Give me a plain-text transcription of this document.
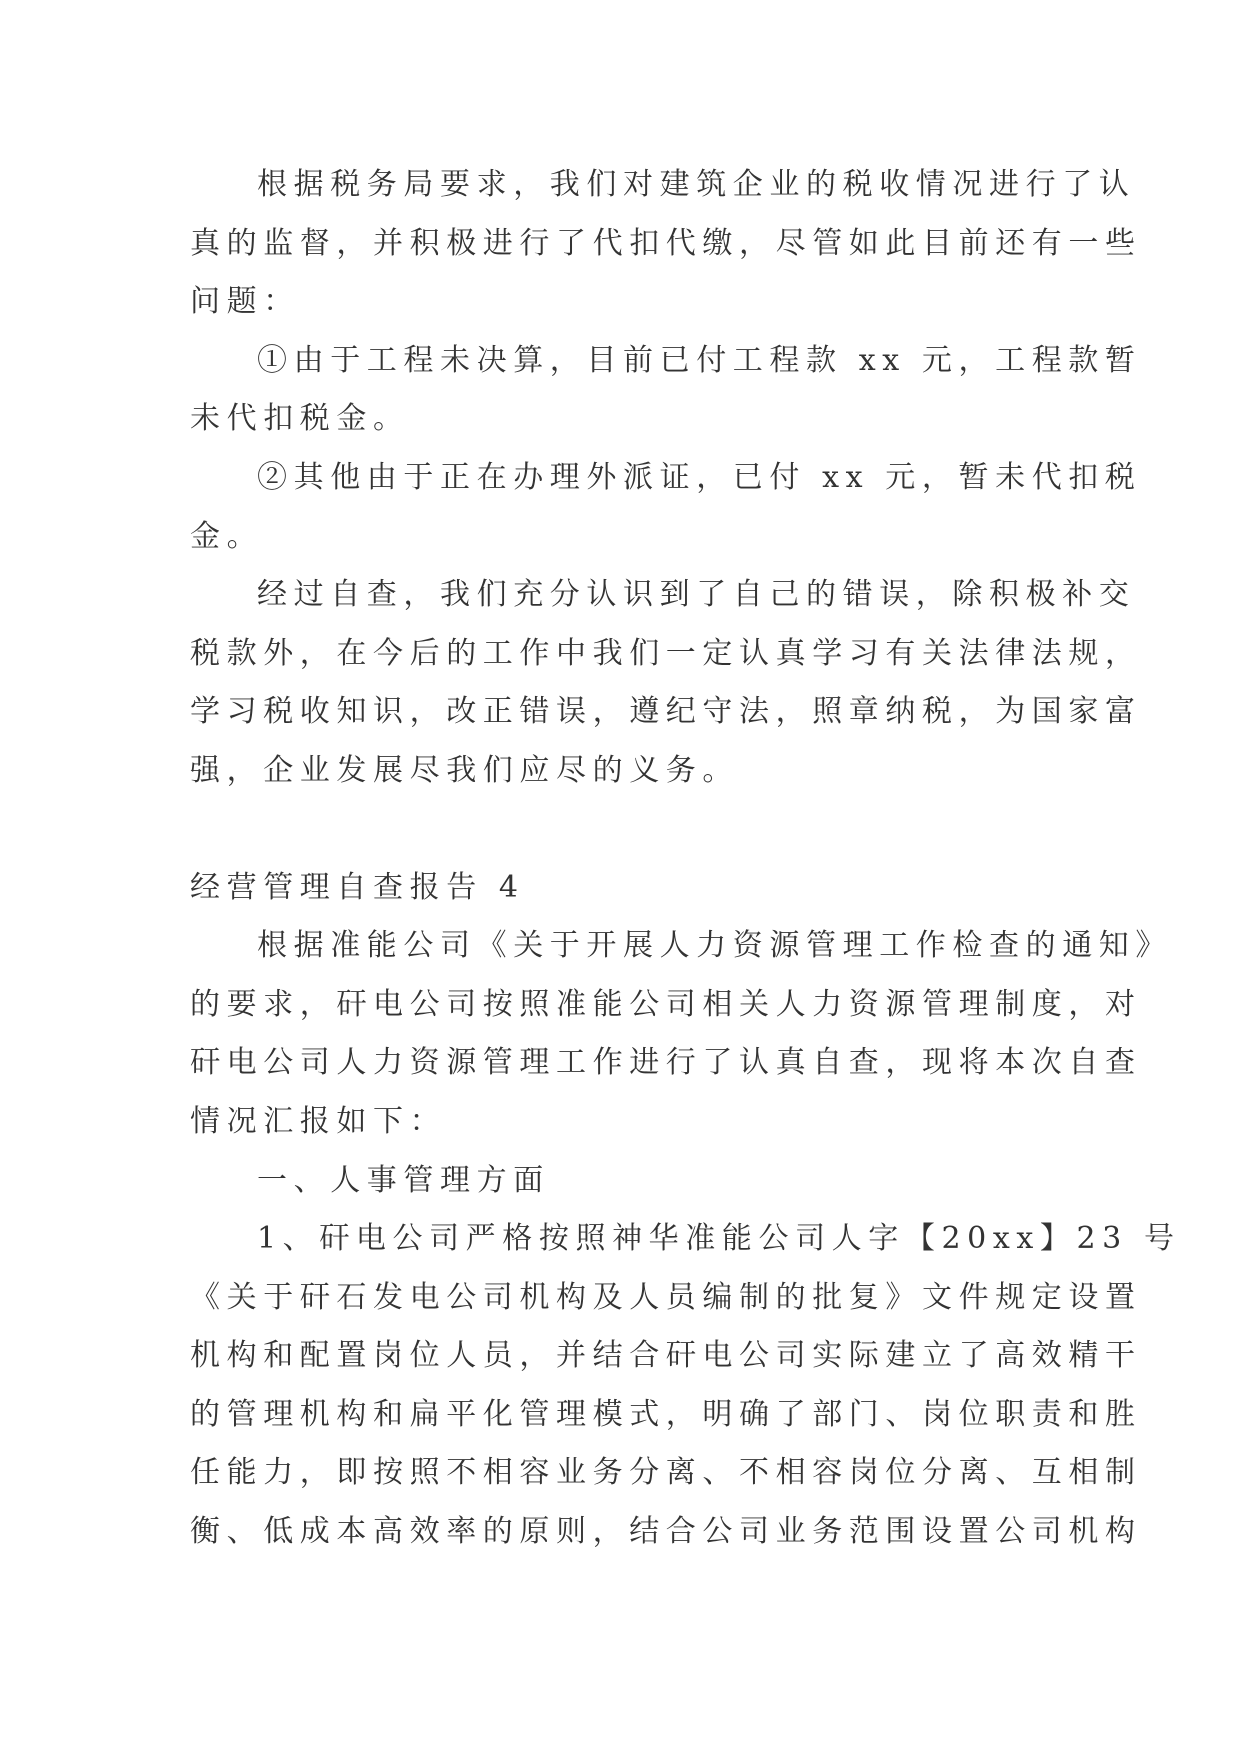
根据税务局要求，我们对建筑企业的税收情况进行了认
真的监督，并积极进行了代扣代缴，尽管如此目前还有一些
问题：
①由于工程未决算，目前已付工程款 xx 元，工程款暂
未代扣税金。
②其他由于正在办理外派证，已付 xx 元，暂未代扣税
金。
经过自查，我们充分认识到了自己的错误，除积极补交
税款外，在今后的工作中我们一定认真学习有关法律法规，
学习税收知识，改正错误，遵纪守法，照章纳税，为国家富
强，企业发展尽我们应尽的义务。
经营管理自查报告 4
根据准能公司《关于开展人力资源管理工作检查的通知》
的要求，矸电公司按照准能公司相关人力资源管理制度，对
矸电公司人力资源管理工作进行了认真自查，现将本次自查
情况汇报如下：
一、人事管理方面
1、矸电公司严格按照神华准能公司人字【20xx】23 号
《关于矸石发电公司机构及人员编制的批复》文件规定设置
机构和配置岗位人员，并结合矸电公司实际建立了高效精干
的管理机构和扁平化管理模式，明确了部门、岗位职责和胜
任能力，即按照不相容业务分离、不相容岗位分离、互相制
衡、低成本高效率的原则，结合公司业务范围设置公司机构
